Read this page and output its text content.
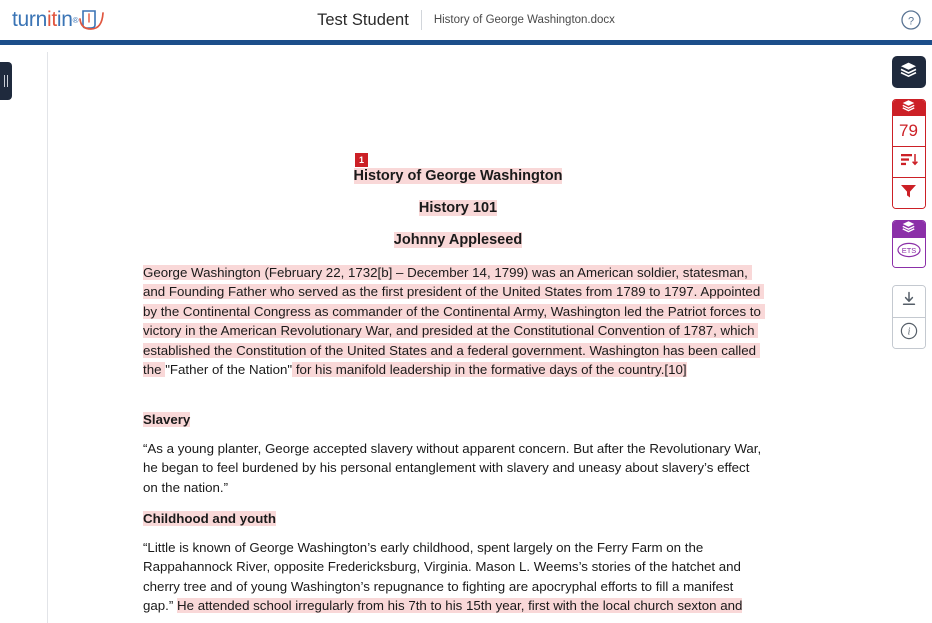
turn it in ®	Test Student	History of George Washington.docx	?
1
History of George Washington
History 101
Johnny Appleseed
George Washington (February 22, 1732[b] – December 14, 1799) was an American soldier, statesman, and Founding Father who served as the first president of the United States from 1789 to 1797. Appointed by the Continental Congress as commander of the Continental Army, Washington led the Patriot forces to victory in the American Revolutionary War, and presided at the Constitutional Convention of 1787, which established the Constitution of the United States and a federal government. Washington has been called the "Father of the Nation" for his manifold leadership in the formative days of the country.[10]
Slavery
“As a young planter, George accepted slavery without apparent concern. But after the Revolutionary War, he began to feel burdened by his personal entanglement with slavery and uneasy about slavery’s effect on the nation.”
Childhood and youth
“Little is known of George Washington’s early childhood, spent largely on the Ferry Farm on the Rappahannock River, opposite Fredericksburg, Virginia. Mason L. Weems’s stories of the hatchet and cherry tree and of young Washington’s repugnance to fighting are apocryphal efforts to fill a manifest gap.” He attended school irregularly from his 7th to his 15th year, first with the local church sexton and
79
ETS
i
